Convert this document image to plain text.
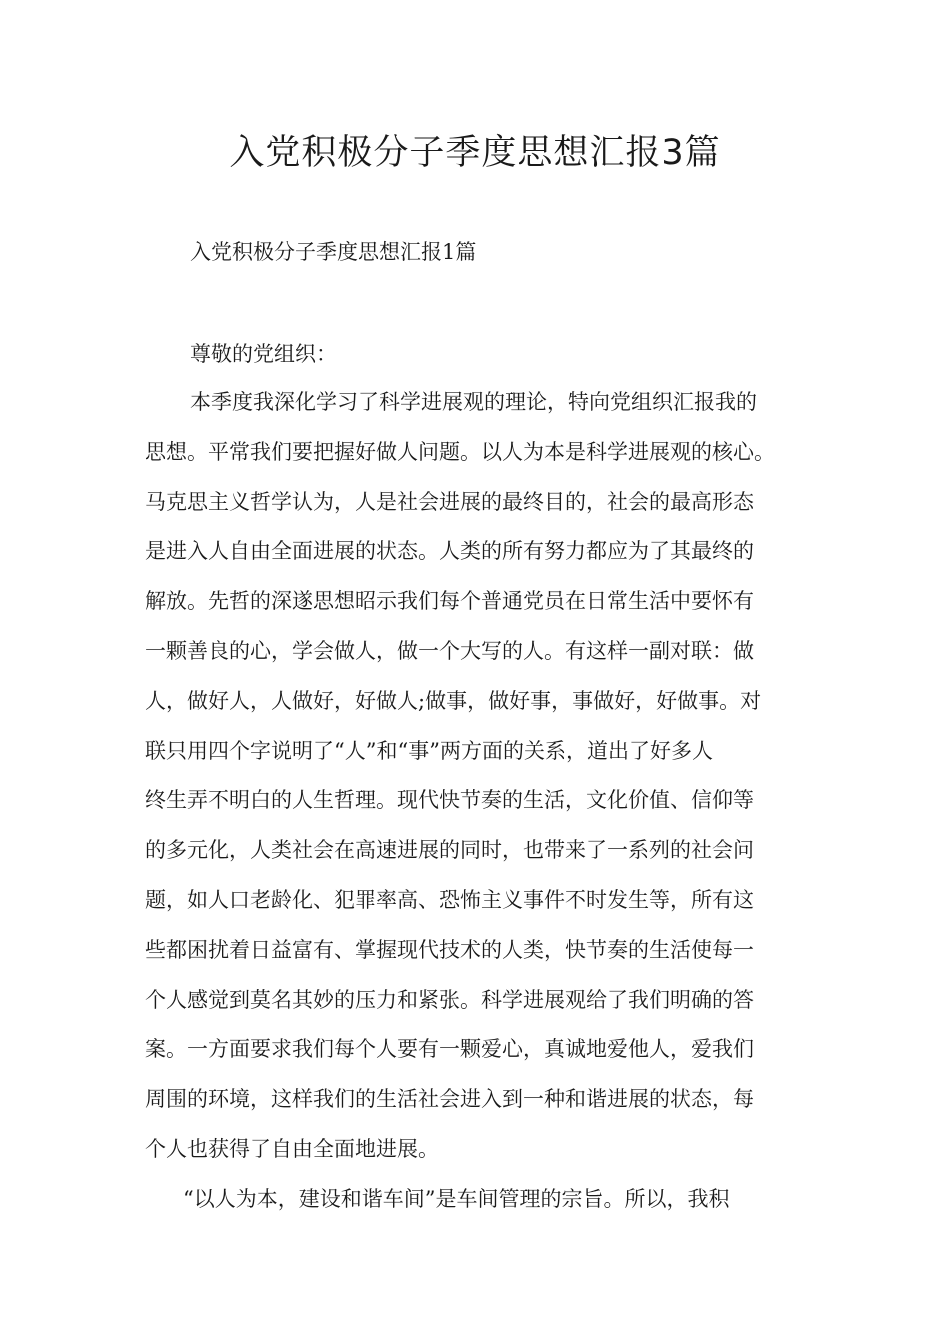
入党积极分子季度思想汇报3篇

入党积极分子季度思想汇报1篇

尊敬的党组织：

本季度我深化学习了科学进展观的理论，特向党组织汇报我的
思想。平常我们要把握好做人问题。以人为本是科学进展观的核心。
马克思主义哲学认为，人是社会进展的最终目的，社会的最高形态
是进入人自由全面进展的状态。人类的所有努力都应为了其最终的
解放。先哲的深遂思想昭示我们每个普通党员在日常生活中要怀有
一颗善良的心，学会做人，做一个大写的人。有这样一副对联：做
人，做好人，人做好，好做人;做事，做好事，事做好，好做事。对
联只用四个字说明了“人”和“事”两方面的关系，道出了好多人
终生弄不明白的人生哲理。现代快节奏的生活，文化价值、信仰等
的多元化，人类社会在高速进展的同时，也带来了一系列的社会问
题，如人口老龄化、犯罪率高、恐怖主义事件不时发生等，所有这
些都困扰着日益富有、掌握现代技术的人类，快节奏的生活使每一
个人感觉到莫名其妙的压力和紧张。科学进展观给了我们明确的答
案。一方面要求我们每个人要有一颗爱心，真诚地爱他人，爱我们
周围的环境，这样我们的生活社会进入到一种和谐进展的状态，每
个人也获得了自由全面地进展。
“以人为本，建设和谐车间”是车间管理的宗旨。所以，我积
